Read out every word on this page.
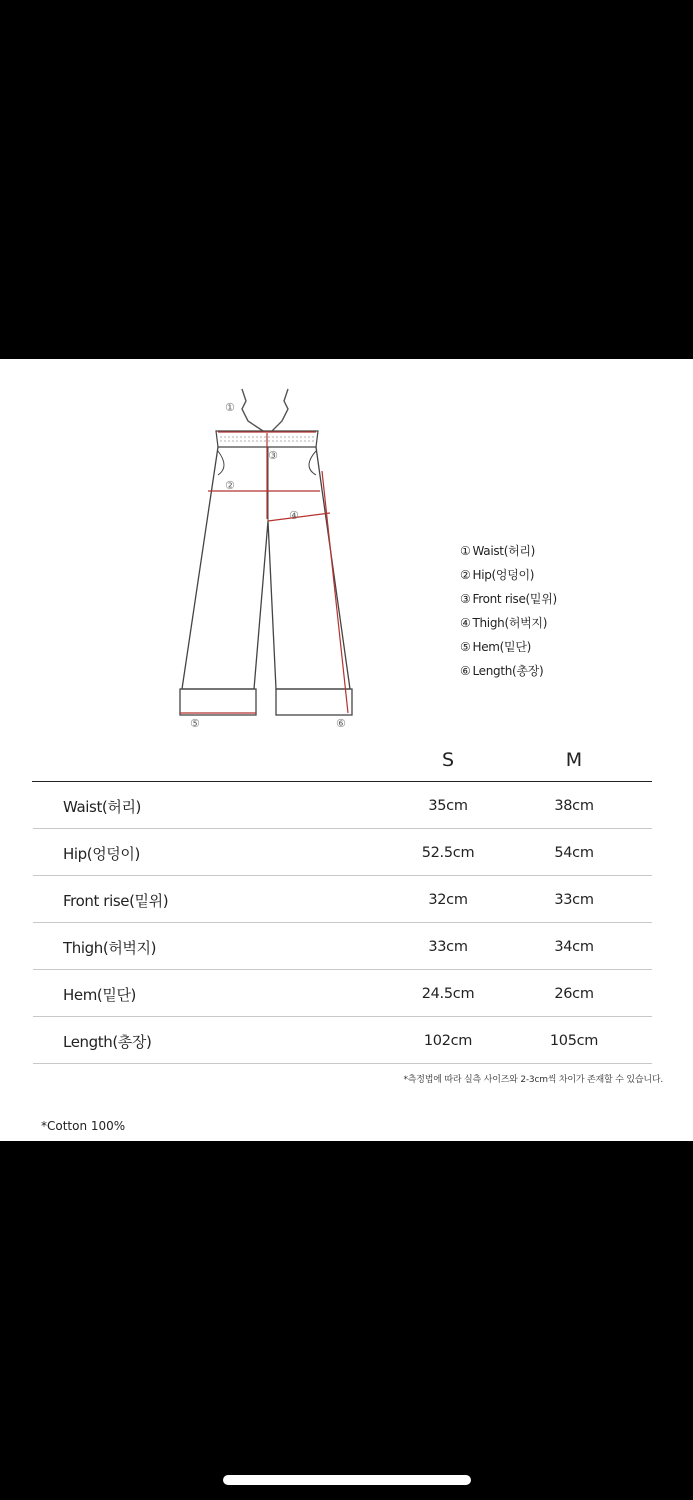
①
②
③
④
⑤	⑥
① Waist(허리)
② Hip(엉덩이)
③ Front rise(밑위)
④ Thigh(허벅지)
⑤ Hem(밑단)
⑥ Length(총장)
S	M
Waist(허리)	35cm	38cm
Hip(엉덩이)	52.5cm	54cm
Front rise(밑위)	32cm	33cm
Thigh(허벅지)	33cm	34cm
Hem(밑단)	24.5cm	26cm
Length(총장)	102cm	105cm
*측정법에 따라 실측 사이즈와 2-3cm씩 차이가 존재할 수 있습니다.
*Cotton 100%
